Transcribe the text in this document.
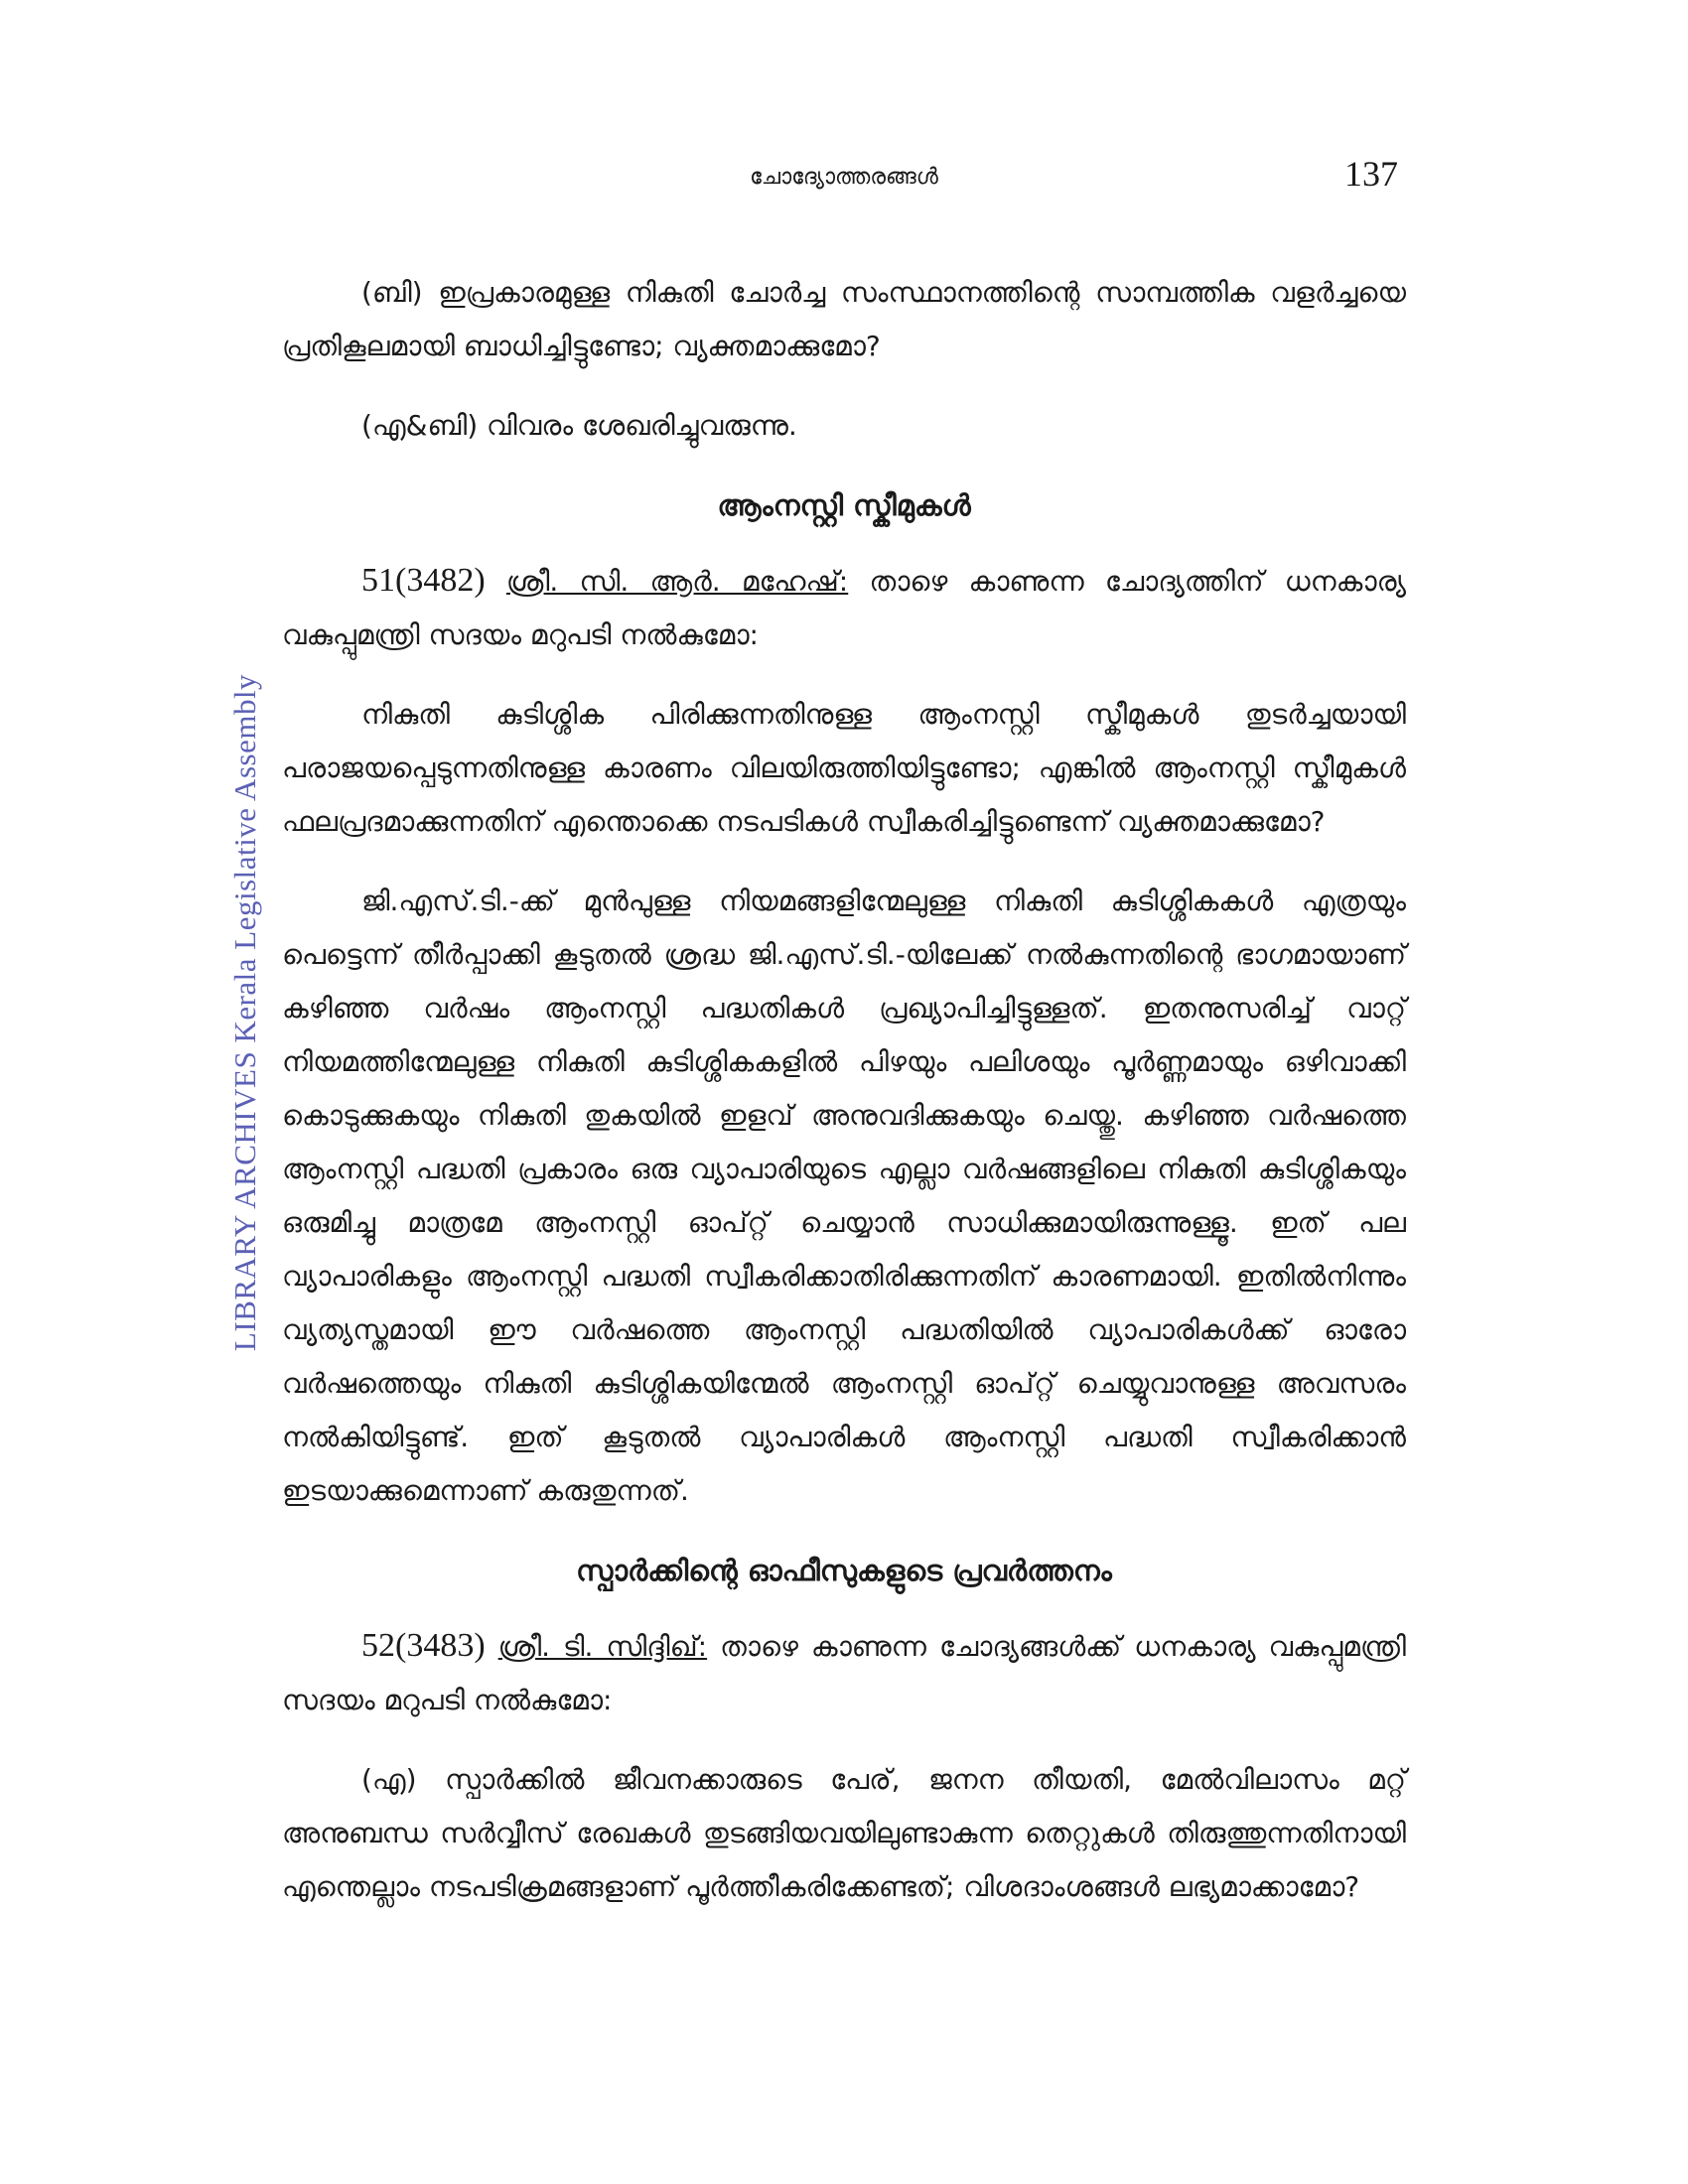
ചോദ്യോത്തരങ്ങൾ	137
LIBRARY ARCHIVES Kerala Legislative Assembly

(ബി) ഇപ്രകാരമുള്ള നികുതി ചോർച്ച സംസ്ഥാനത്തിന്റെ സാമ്പത്തിക വളർച്ചയെ പ്രതികൂലമായി ബാധിച്ചിട്ടുണ്ടോ; വ്യക്തമാക്കുമോ?

(എ&ബി) വിവരം ശേഖരിച്ചുവരുന്നു.

ആംനസ്റ്റി സ്കീമുകൾ

51(3482) ശ്രീ. സി. ആർ. മഹേഷ്: താഴെ കാണുന്ന ചോദ്യത്തിന് ധനകാര്യ വകുപ്പുമന്ത്രി സദയം മറുപടി നൽകുമോ:

നികുതി കുടിശ്ശിക പിരിക്കുന്നതിനുള്ള ആംനസ്റ്റി സ്കീമുകൾ തുടർച്ചയായി പരാജയപ്പെടുന്നതിനുള്ള കാരണം വിലയിരുത്തിയിട്ടുണ്ടോ; എങ്കിൽ ആംനസ്റ്റി സ്കീമുകൾ ഫലപ്രദമാക്കുന്നതിന് എന്തൊക്കെ നടപടികൾ സ്വീകരിച്ചിട്ടുണ്ടെന്ന് വ്യക്തമാക്കുമോ?

ജി.എസ്.ടി.-ക്ക് മുൻപുള്ള നിയമങ്ങളിന്മേലുള്ള നികുതി കുടിശ്ശികകൾ എത്രയും പെട്ടെന്ന് തീർപ്പാക്കി കൂടുതൽ ശ്രദ്ധ ജി.എസ്.ടി.-യിലേക്ക് നൽകുന്നതിന്റെ ഭാഗമായാണ് കഴിഞ്ഞ വർഷം ആംനസ്റ്റി പദ്ധതികൾ പ്രഖ്യാപിച്ചിട്ടുള്ളത്. ഇതനുസരിച്ച് വാറ്റ് നിയമത്തിന്മേലുള്ള നികുതി കുടിശ്ശികകളിൽ പിഴയും പലിശയും പൂർണ്ണമായും ഒഴിവാക്കി കൊടുക്കുകയും നികുതി തുകയിൽ ഇളവ് അനുവദിക്കുകയും ചെയ്തു. കഴിഞ്ഞ വർഷത്തെ ആംനസ്റ്റി പദ്ധതി പ്രകാരം ഒരു വ്യാപാരിയുടെ എല്ലാ വർഷങ്ങളിലെ നികുതി കുടിശ്ശികയും ഒരുമിച്ചു മാത്രമേ ആംനസ്റ്റി ഓപ്റ്റ് ചെയ്യാൻ സാധിക്കുമായിരുന്നുള്ളൂ. ഇത് പല വ്യാപാരികളും ആംനസ്റ്റി പദ്ധതി സ്വീകരിക്കാതിരിക്കുന്നതിന് കാരണമായി. ഇതിൽനിന്നും വ്യത്യസ്തമായി ഈ വർഷത്തെ ആംനസ്റ്റി പദ്ധതിയിൽ വ്യാപാരികൾക്ക് ഓരോ വർഷത്തെയും നികുതി കുടിശ്ശികയിന്മേൽ ആംനസ്റ്റി ഓപ്റ്റ് ചെയ്യുവാനുള്ള അവസരം നൽകിയിട്ടുണ്ട്. ഇത് കൂടുതൽ വ്യാപാരികൾ ആംനസ്റ്റി പദ്ധതി സ്വീകരിക്കാൻ ഇടയാക്കുമെന്നാണ് കരുതുന്നത്.

സ്പാർക്കിന്റെ ഓഫീസുകളുടെ പ്രവർത്തനം

52(3483) ശ്രീ. ടി. സിദ്ദിഖ്: താഴെ കാണുന്ന ചോദ്യങ്ങൾക്ക് ധനകാര്യ വകുപ്പുമന്ത്രി സദയം മറുപടി നൽകുമോ:

(എ) സ്പാർക്കിൽ ജീവനക്കാരുടെ പേര്, ജനന തീയതി, മേൽവിലാസം മറ്റ് അനുബന്ധ സർവ്വീസ് രേഖകൾ തുടങ്ങിയവയിലുണ്ടാകുന്ന തെറ്റുകൾ തിരുത്തുന്നതിനായി എന്തെല്ലാം നടപടിക്രമങ്ങളാണ് പൂർത്തീകരിക്കേണ്ടത്; വിശദാംശങ്ങൾ ലഭ്യമാക്കാമോ?
